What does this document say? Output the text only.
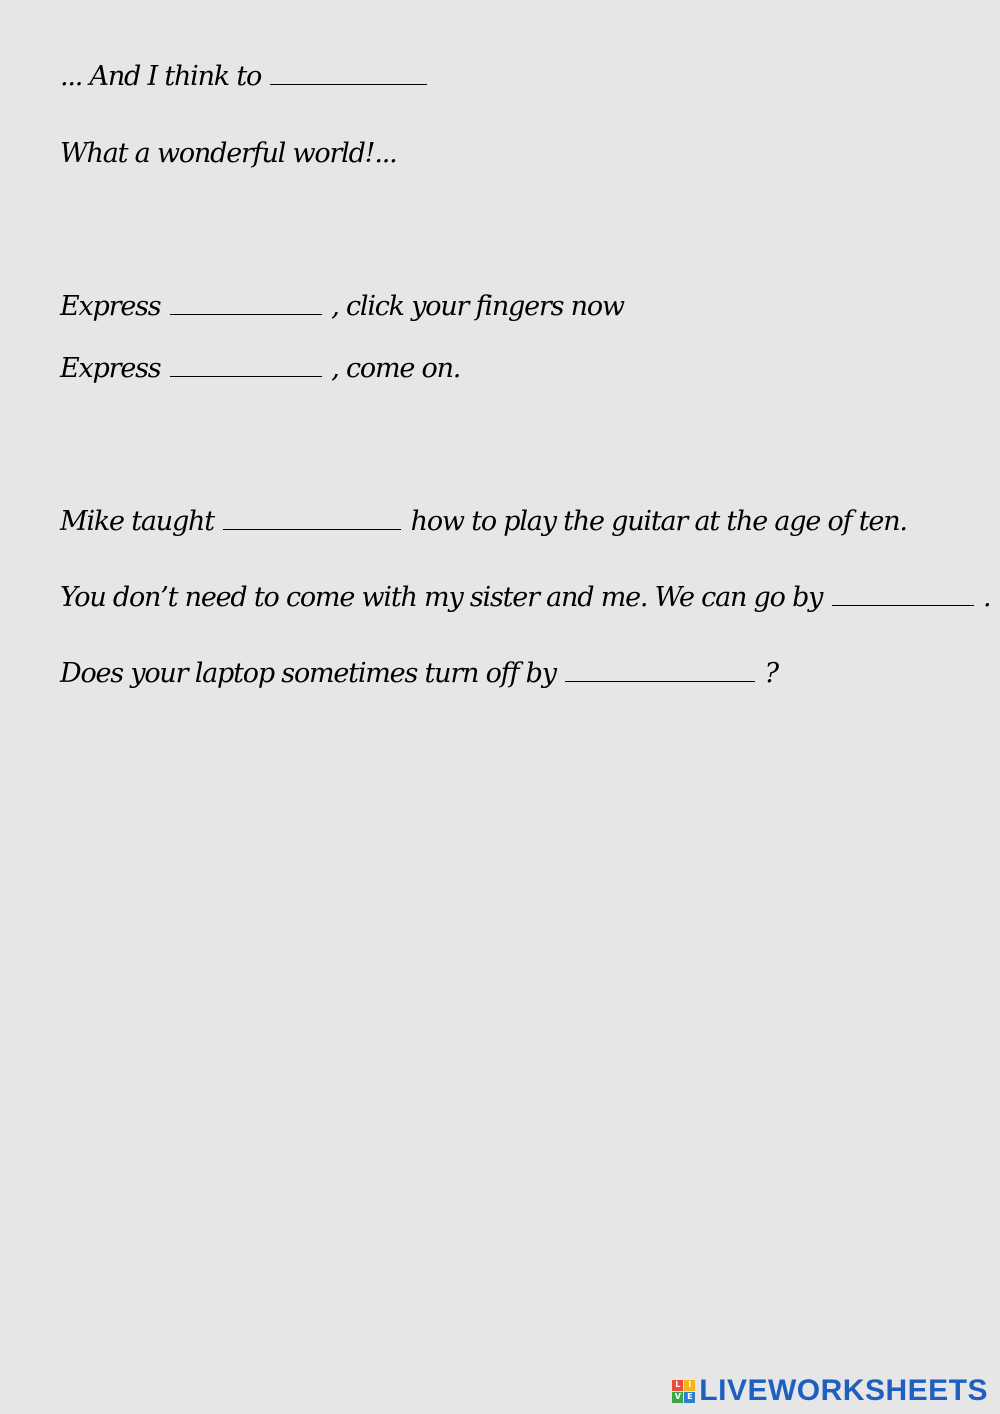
... And I think to
What a wonderful world!...
Express	, click your fingers now
Express	, come on.
Mike taught	how to play the guitar at the age of ten.
You don’t need to come with my sister and me. We can go by	.
Does your laptop sometimes turn off by	?
L I
V E LIVEWORKSHEETS
